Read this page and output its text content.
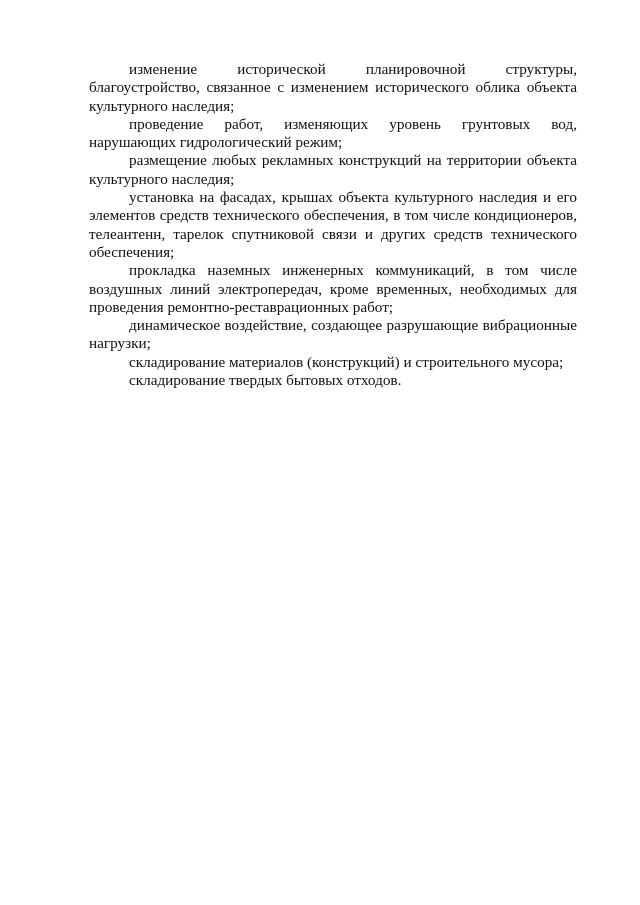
изменение исторической планировочной структуры, благоустройство, связанное с изменением исторического облика объекта культурного наследия;

проведение работ, изменяющих уровень грунтовых вод, нарушающих гидрологический режим;

размещение любых рекламных конструкций на территории объекта культурного наследия;

установка на фасадах, крышах объекта культурного наследия и его элементов средств технического обеспечения, в том числе кондиционеров, телеантенн, тарелок спутниковой связи и других средств технического обеспечения;

прокладка наземных инженерных коммуникаций, в том числе воздушных линий электропередач, кроме временных, необходимых для проведения ремонтно-реставрационных работ;

динамическое воздействие, создающее разрушающие вибрационные нагрузки;

складирование материалов (конструкций) и строительного мусора;

складирование твердых бытовых отходов.
